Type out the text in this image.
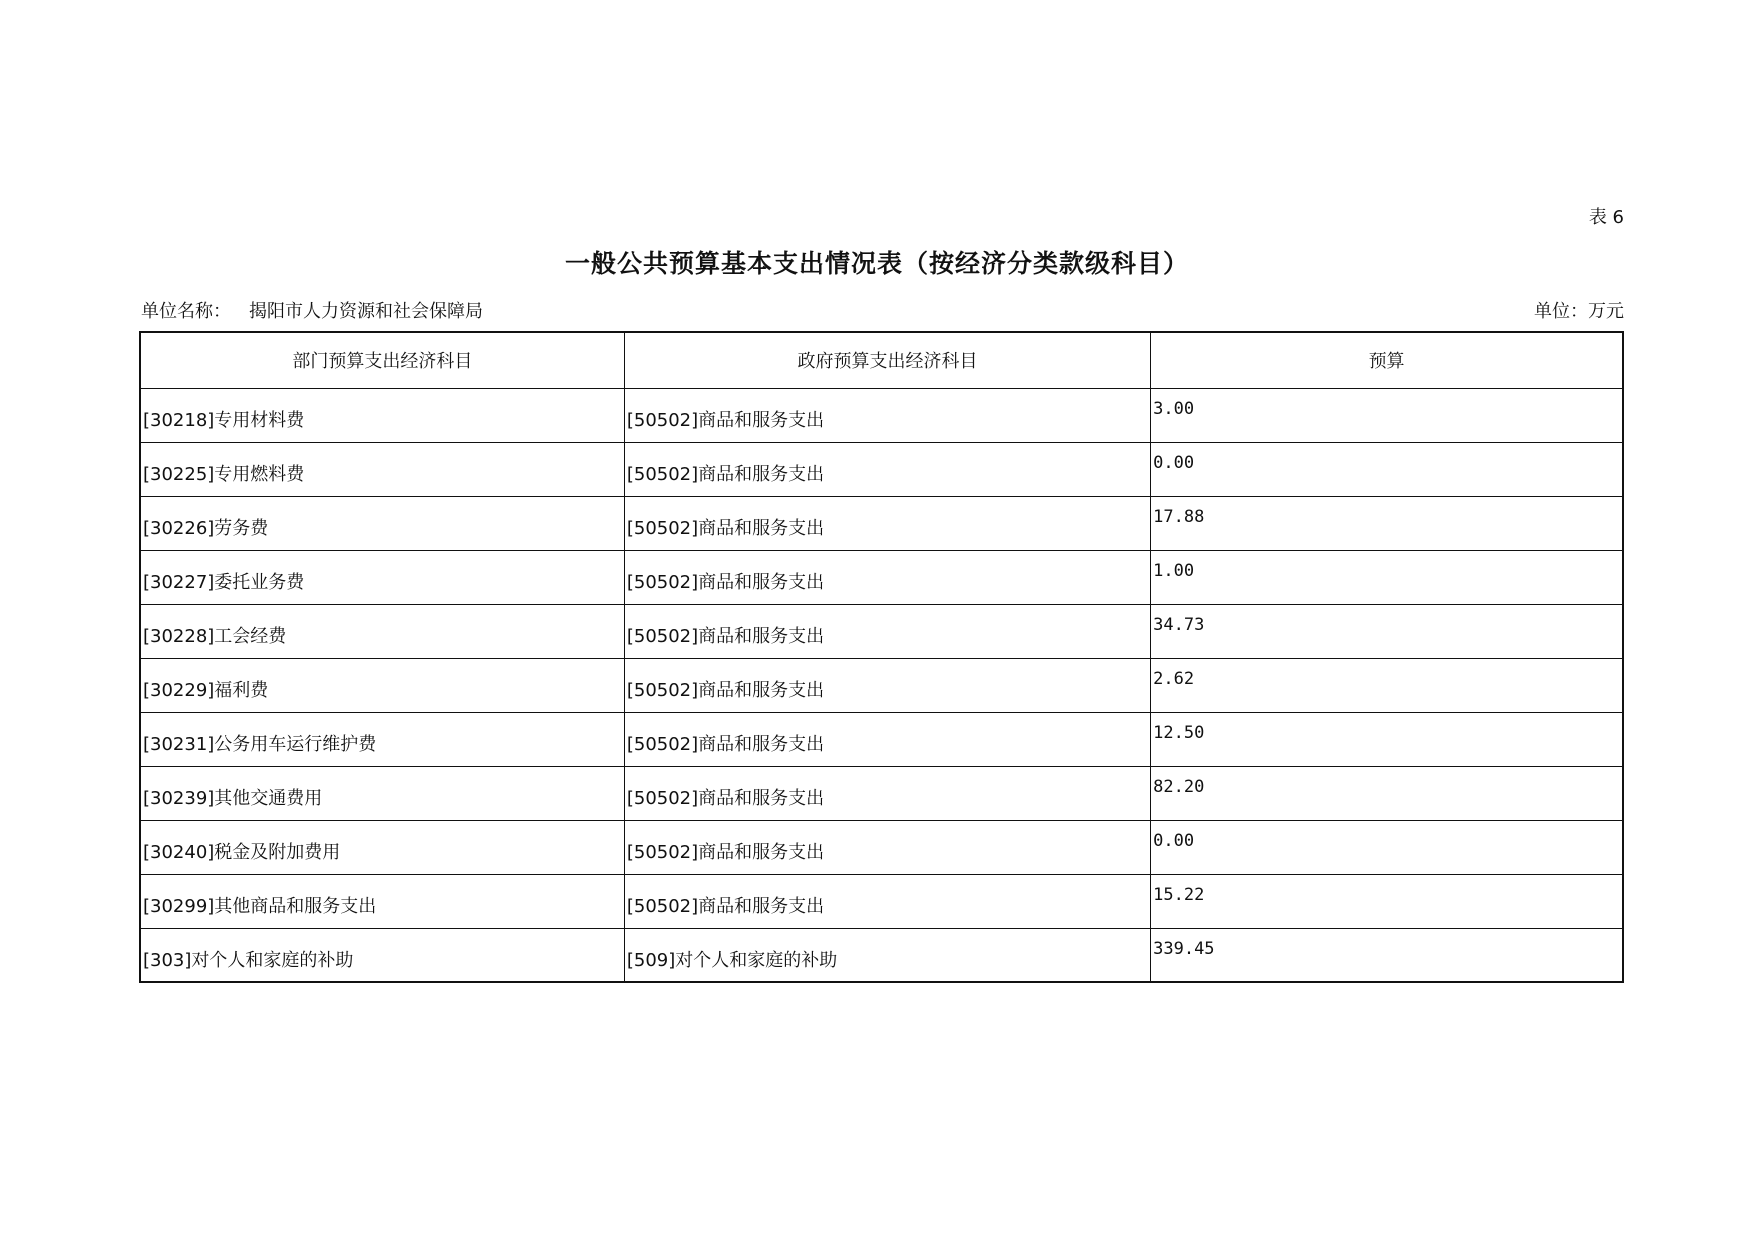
表 6
一般公共预算基本支出情况表（按经济分类款级科目）
单位名称： 揭阳市人力资源和社会保障局	单位：万元
部门预算支出经济科目	政府预算支出经济科目	预算
[30218]专用材料费	[50502]商品和服务支出	3.00
[30225]专用燃料费	[50502]商品和服务支出	0.00
[30226]劳务费	[50502]商品和服务支出	17.88
[30227]委托业务费	[50502]商品和服务支出	1.00
[30228]工会经费	[50502]商品和服务支出	34.73
[30229]福利费	[50502]商品和服务支出	2.62
[30231]公务用车运行维护费	[50502]商品和服务支出	12.50
[30239]其他交通费用	[50502]商品和服务支出	82.20
[30240]税金及附加费用	[50502]商品和服务支出	0.00
[30299]其他商品和服务支出	[50502]商品和服务支出	15.22
[303]对个人和家庭的补助	[509]对个人和家庭的补助	339.45
